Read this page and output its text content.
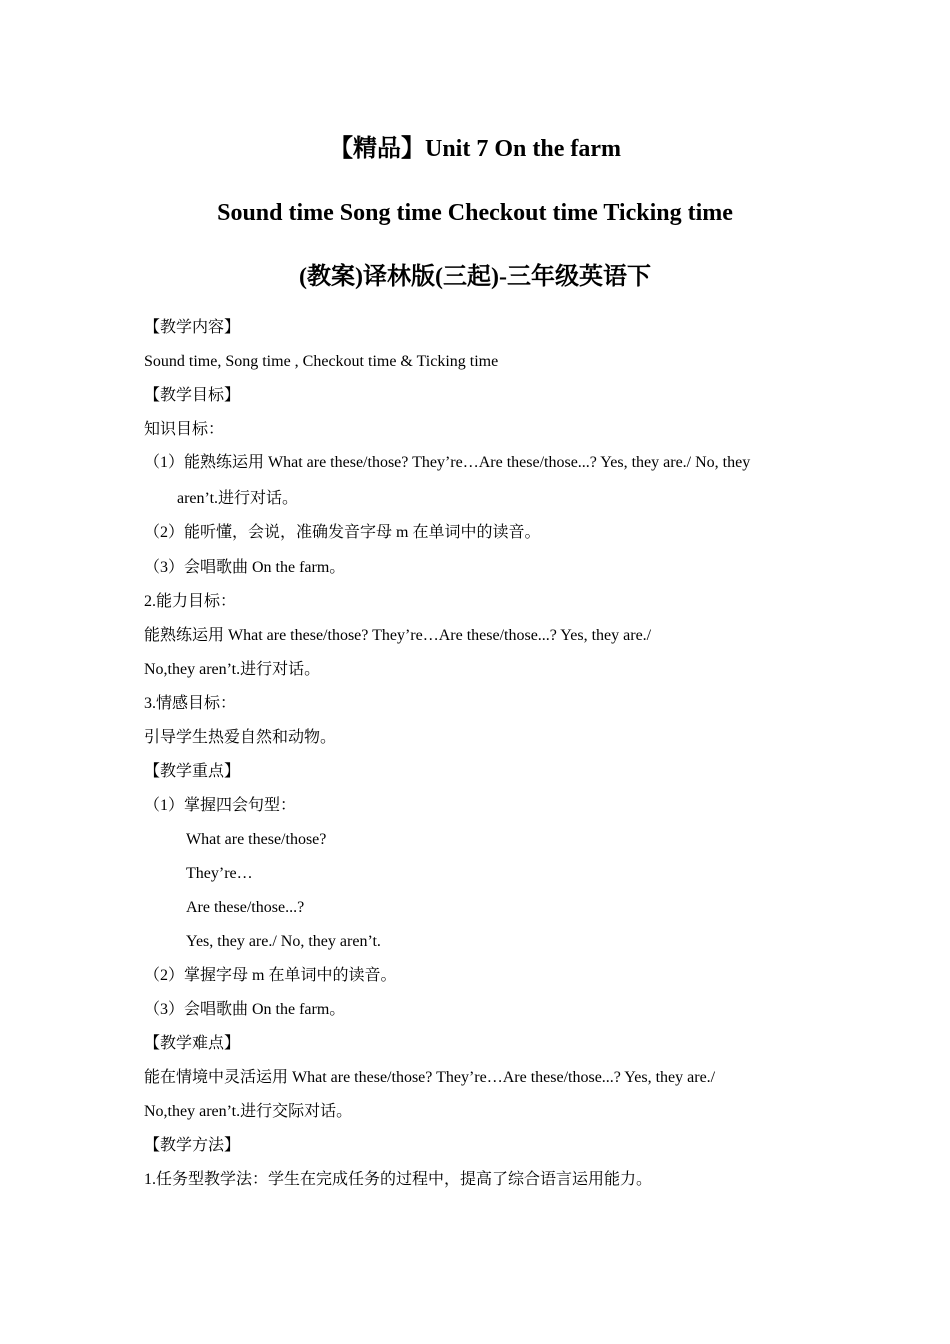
【精品】Unit 7 On the farm
Sound time Song time Checkout time Ticking time
(教案)译林版(三起)-三年级英语下
【教学内容】
Sound time, Song time , Checkout time & Ticking time
【教学目标】
知识目标：
（1）能熟练运用 What are these/those? They’re…Are these/those...? Yes, they are./ No, they
aren’t.进行对话。
（2）能听懂，会说，准确发音字母 m 在单词中的读音。
（3）会唱歌曲 On the farm。
2.能力目标：
能熟练运用 What are these/those? They’re…Are these/those...? Yes, they are./
No,they aren’t.进行对话。
3.情感目标：
引导学生热爱自然和动物。
【教学重点】
（1）掌握四会句型：
What are these/those?
They’re…
Are these/those...?
Yes, they are./ No, they aren’t.
（2）掌握字母 m 在单词中的读音。
（3）会唱歌曲 On the farm。
【教学难点】
能在情境中灵活运用 What are these/those? They’re…Are these/those...? Yes, they are./
No,they aren’t.进行交际对话。
【教学方法】
1.任务型教学法：学生在完成任务的过程中，提高了综合语言运用能力。
